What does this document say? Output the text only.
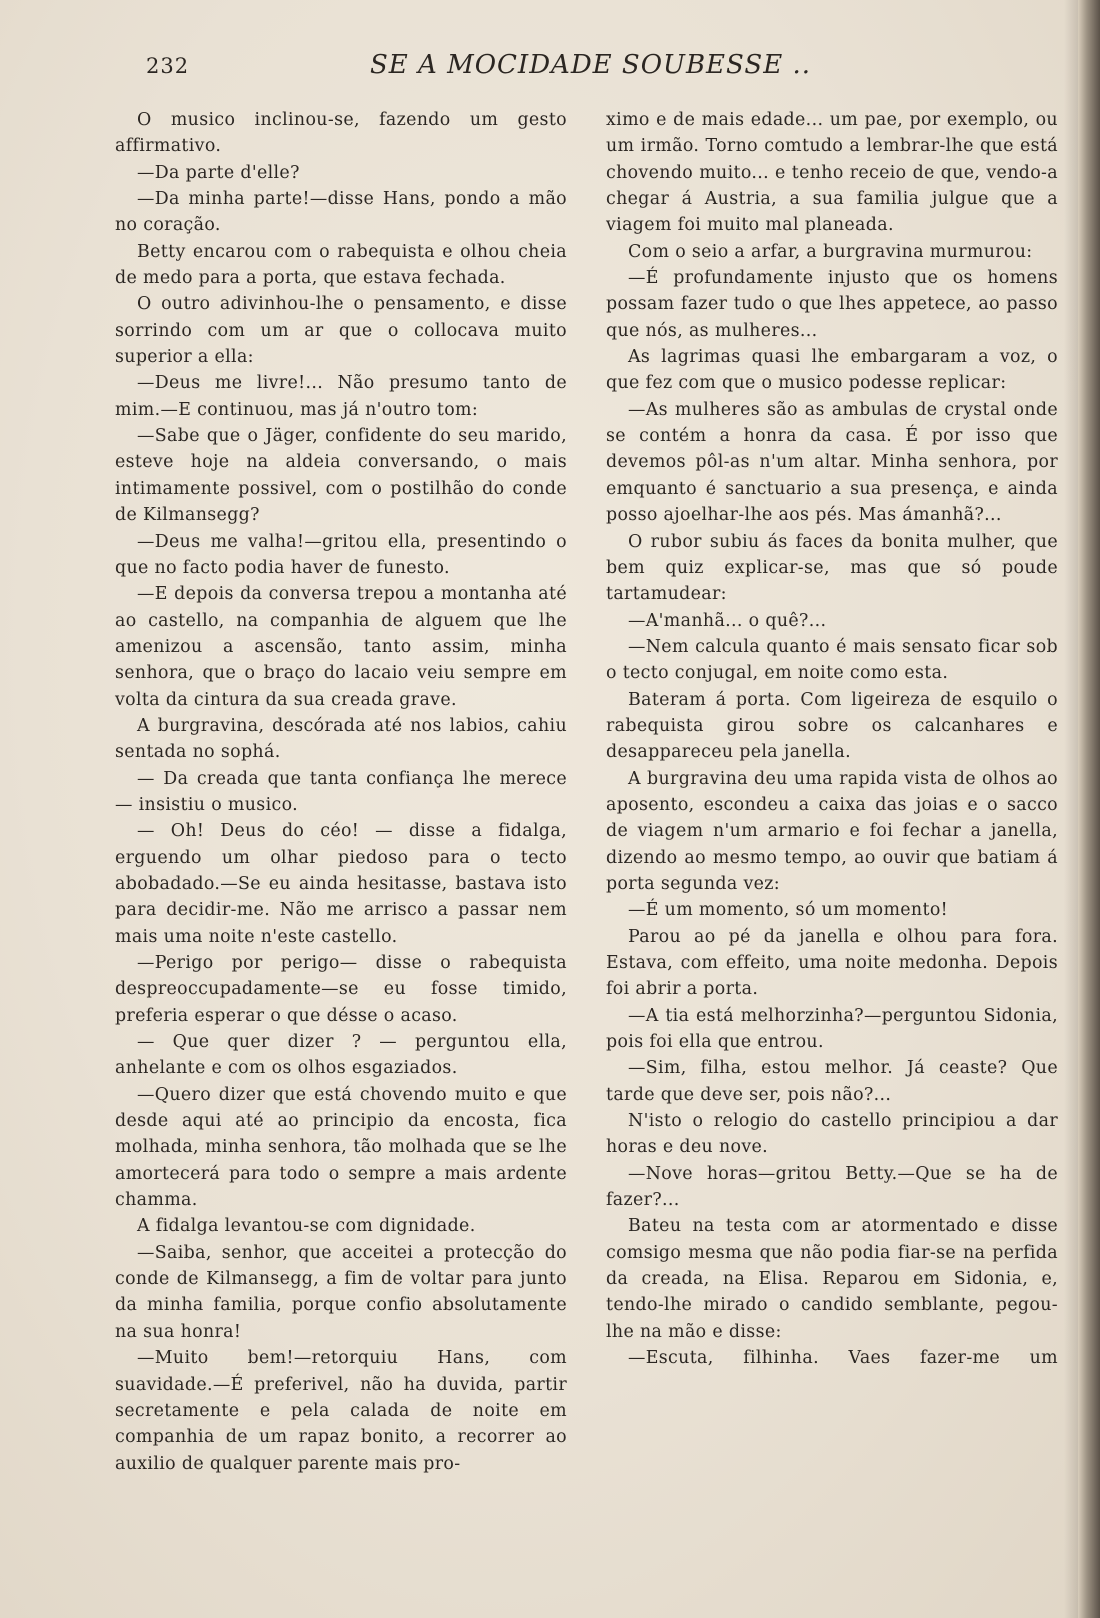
232	SE A MOCIDADE SOUBESSE ..

O musico inclinou-se, fazendo um gesto affirmativo.

—Da parte d'elle?

—Da minha parte!—disse Hans, pondo a mão no coração.

Betty encarou com o rabequista e olhou cheia de medo para a porta, que estava fechada.

O outro adivinhou-lhe o pensamento, e disse sorrindo com um ar que o collocava muito superior a ella:

—Deus me livre!... Não presumo tanto de mim.—E continuou, mas já n'outro tom:

—Sabe que o Jäger, confidente do seu marido, esteve hoje na aldeia conversando, o mais intimamente possivel, com o postilhão do conde de Kilmansegg?

—Deus me valha!—gritou ella, presentindo o que no facto podia haver de funesto.

—E depois da conversa trepou a montanha até ao castello, na companhia de alguem que lhe amenizou a ascensão, tanto assim, minha senhora, que o braço do lacaio veiu sempre em volta da cintura da sua creada grave.

A burgravina, descórada até nos labios, cahiu sentada no sophá.

— Da creada que tanta confiança lhe merece — insistiu o musico.

— Oh! Deus do céo! — disse a fidalga, erguendo um olhar piedoso para o tecto abobadado.—Se eu ainda hesitasse, bastava isto para decidir-me. Não me arrisco a passar nem mais uma noite n'este castello.

—Perigo por perigo— disse o rabequista despreoccupadamente—se eu fosse timido, preferia esperar o que désse o acaso.

— Que quer dizer ? — perguntou ella, anhelante e com os olhos esgaziados.

—Quero dizer que está chovendo muito e que desde aqui até ao principio da encosta, fica molhada, minha senhora, tão molhada que se lhe amortecerá para todo o sempre a mais ardente chamma.

A fidalga levantou-se com dignidade.

—Saiba, senhor, que acceitei a protecção do conde de Kilmansegg, a fim de voltar para junto da minha familia, porque confio absolutamente na sua honra!

—Muito bem!—retorquiu Hans, com suavidade.—É preferivel, não ha duvida, partir secretamente e pela calada de noite em companhia de um rapaz bonito, a recorrer ao auxilio de qualquer parente mais pro-

ximo e de mais edade... um pae, por exemplo, ou um irmão. Torno comtudo a lembrar-lhe que está chovendo muito... e tenho receio de que, vendo-a chegar á Austria, a sua familia julgue que a viagem foi muito mal planeada.

Com o seio a arfar, a burgravina murmurou:

—É profundamente injusto que os homens possam fazer tudo o que lhes appetece, ao passo que nós, as mulheres...

As lagrimas quasi lhe embargaram a voz, o que fez com que o musico podesse replicar:

—As mulheres são as ambulas de crystal onde se contém a honra da casa. É por isso que devemos pôl-as n'um altar. Minha senhora, por emquanto é sanctuario a sua presença, e ainda posso ajoelhar-lhe aos pés. Mas ámanhã?...

O rubor subiu ás faces da bonita mulher, que bem quiz explicar-se, mas que só poude tartamudear:

—A'manhã... o quê?...

—Nem calcula quanto é mais sensato ficar sob o tecto conjugal, em noite como esta.

Bateram á porta. Com ligeireza de esquilo o rabequista girou sobre os calcanhares e desappareceu pela janella.

A burgravina deu uma rapida vista de olhos ao aposento, escondeu a caixa das joias e o sacco de viagem n'um armario e foi fechar a janella, dizendo ao mesmo tempo, ao ouvir que batiam á porta segunda vez:

—É um momento, só um momento!

Parou ao pé da janella e olhou para fora. Estava, com effeito, uma noite medonha. Depois foi abrir a porta.

—A tia está melhorzinha?—perguntou Sidonia, pois foi ella que entrou.

—Sim, filha, estou melhor. Já ceaste? Que tarde que deve ser, pois não?...

N'isto o relogio do castello principiou a dar horas e deu nove.

—Nove horas—gritou Betty.—Que se ha de fazer?...

Bateu na testa com ar atormentado e disse comsigo mesma que não podia fiar-se na perfida da creada, na Elisa. Reparou em Sidonia, e, tendo-lhe mirado o candido semblante, pegou-lhe na mão e disse:

—Escuta, filhinha. Vaes fazer-me um
